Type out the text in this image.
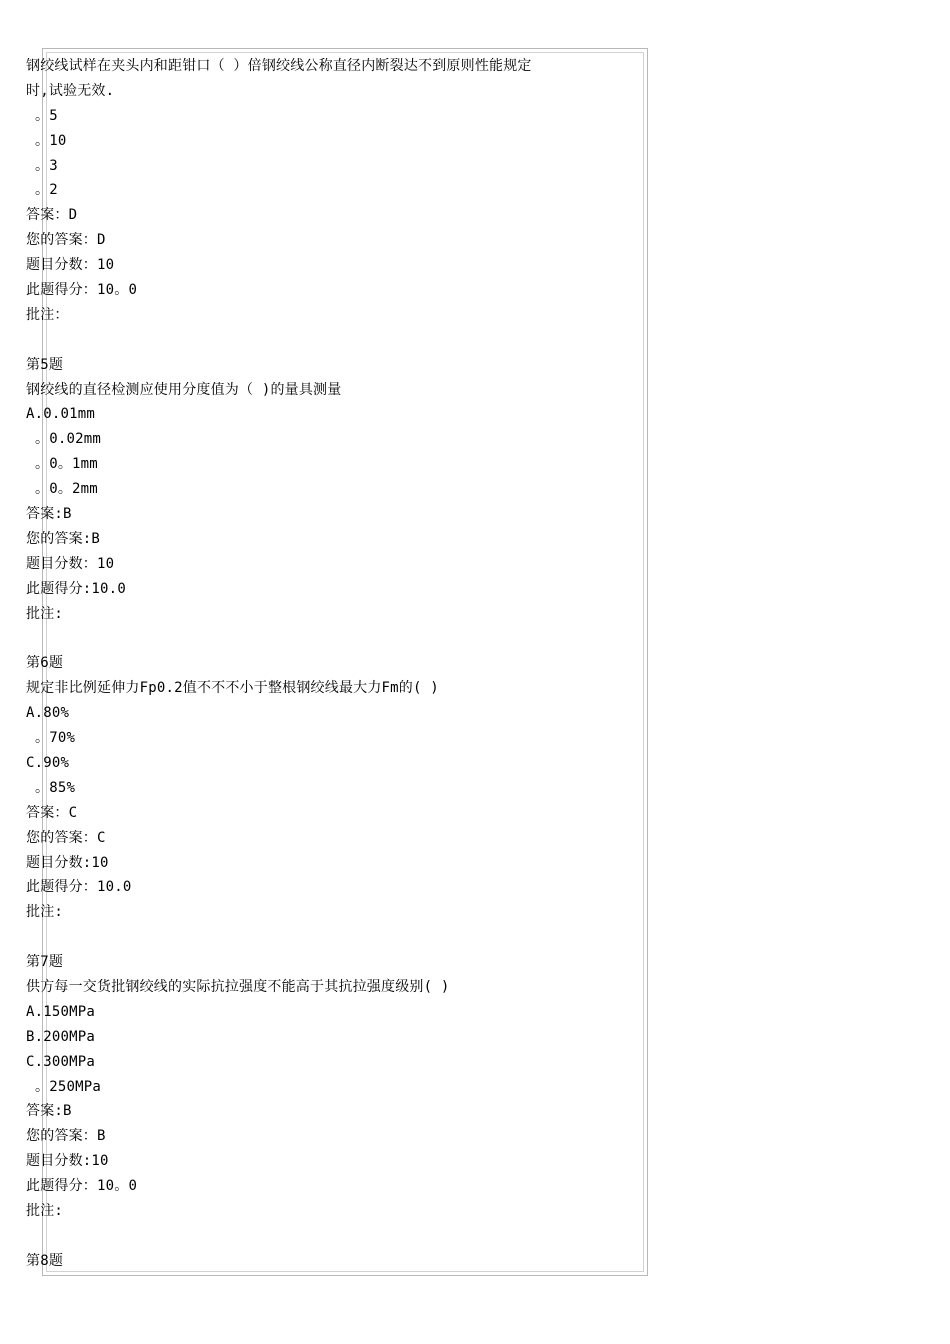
钢绞线试样在夹头内和距钳口（ ）倍钢绞线公称直径内断裂达不到原则性能规定
时,试验无效.
。5
。10
。3
。2
答案：D
您的答案：D
题目分数：10
此题得分：10。0
批注：
第5题
钢绞线的直径检测应使用分度值为（ )的量具测量
A.0.01mm
。0.02mm
。0。1mm
。0。2mm
答案:B
您的答案:B
题目分数：10
此题得分:10.0
批注:
第6题
规定非比例延伸力Fp0.2值不不不小于整根钢绞线最大力Fm的( )
A.80%
。70%
C.90%
。85%
答案：C
您的答案：C
题目分数:10
此题得分：10.0
批注:
第7题
供方每一交货批钢绞线的实际抗拉强度不能高于其抗拉强度级别( )
A.150MPa
B.200MPa
C.300MPa
。250MPa
答案:B
您的答案：B
题目分数:10
此题得分：10。0
批注:
第8题
